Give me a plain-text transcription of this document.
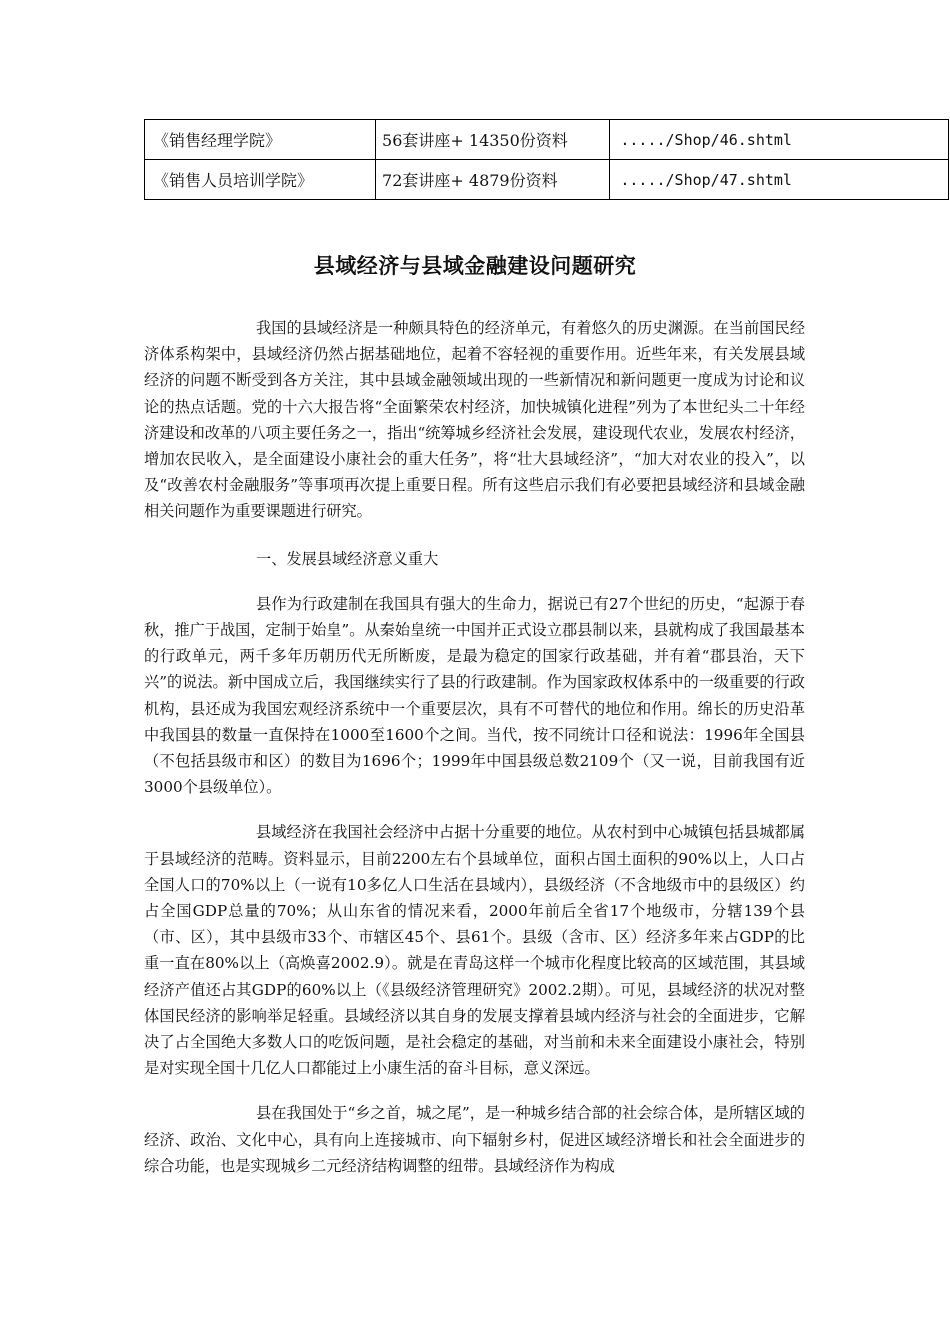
《销售经理学院》	56套讲座+ 14350份资料	...../Shop/46.shtml
《销售人员培训学院》	72套讲座+ 4879份资料	...../Shop/47.shtml
县域经济与县域金融建设问题研究

我国的县域经济是一种颇具特色的经济单元，有着悠久的历史渊源。在当前国民经济体系构架中，县域经济仍然占据基础地位，起着不容轻视的重要作用。近些年来，有关发展县域经济的问题不断受到各方关注，其中县域金融领域出现的一些新情况和新问题更一度成为讨论和议论的热点话题。党的十六大报告将“全面繁荣农村经济，加快城镇化进程”列为了本世纪头二十年经济建设和改革的八项主要任务之一，指出“统筹城乡经济社会发展，建设现代农业，发展农村经济，增加农民收入，是全面建设小康社会的重大任务”，将“壮大县域经济”，“加大对农业的投入”，以及“改善农村金融服务”等事项再次提上重要日程。所有这些启示我们有必要把县域经济和县域金融相关问题作为重要课题进行研究。

一、发展县域经济意义重大

县作为行政建制在我国具有强大的生命力，据说已有27个世纪的历史，“起源于春秋，推广于战国，定制于始皇”。从秦始皇统一中国并正式设立郡县制以来，县就构成了我国最基本的行政单元，两千多年历朝历代无所断废，是最为稳定的国家行政基础，并有着“郡县治，天下兴”的说法。新中国成立后，我国继续实行了县的行政建制。作为国家政权体系中的一级重要的行政机构，县还成为我国宏观经济系统中一个重要层次，具有不可替代的地位和作用。绵长的历史沿革中我国县的数量一直保持在1000至1600个之间。当代，按不同统计口径和说法：1996年全国县（不包括县级市和区）的数目为1696个；1999年中国县级总数2109个（又一说，目前我国有近3000个县级单位）。

县域经济在我国社会经济中占据十分重要的地位。从农村到中心城镇包括县城都属于县域经济的范畴。资料显示，目前2200左右个县域单位，面积占国土面积的90%以上，人口占全国人口的70%以上（一说有10多亿人口生活在县域内），县级经济（不含地级市中的县级区）约占全国GDP总量的70%；从山东省的情况来看，2000年前后全省17个地级市，分辖139个县（市、区），其中县级市33个、市辖区45个、县61个。县级（含市、区）经济多年来占GDP的比重一直在80%以上（高焕喜2002.9）。就是在青岛这样一个城市化程度比较高的区域范围，其县域经济产值还占其GDP的60%以上（《县级经济管理研究》2002.2期）。可见，县域经济的状况对整体国民经济的影响举足轻重。县域经济以其自身的发展支撑着县域内经济与社会的全面进步，它解决了占全国绝大多数人口的吃饭问题，是社会稳定的基础，对当前和未来全面建设小康社会，特别是对实现全国十几亿人口都能过上小康生活的奋斗目标，意义深远。

县在我国处于“乡之首，城之尾”，是一种城乡结合部的社会综合体，是所辖区域的经济、政治、文化中心，具有向上连接城市、向下辐射乡村，促进区域经济增长和社会全面进步的综合功能，也是实现城乡二元经济结构调整的纽带。县域经济作为构成
